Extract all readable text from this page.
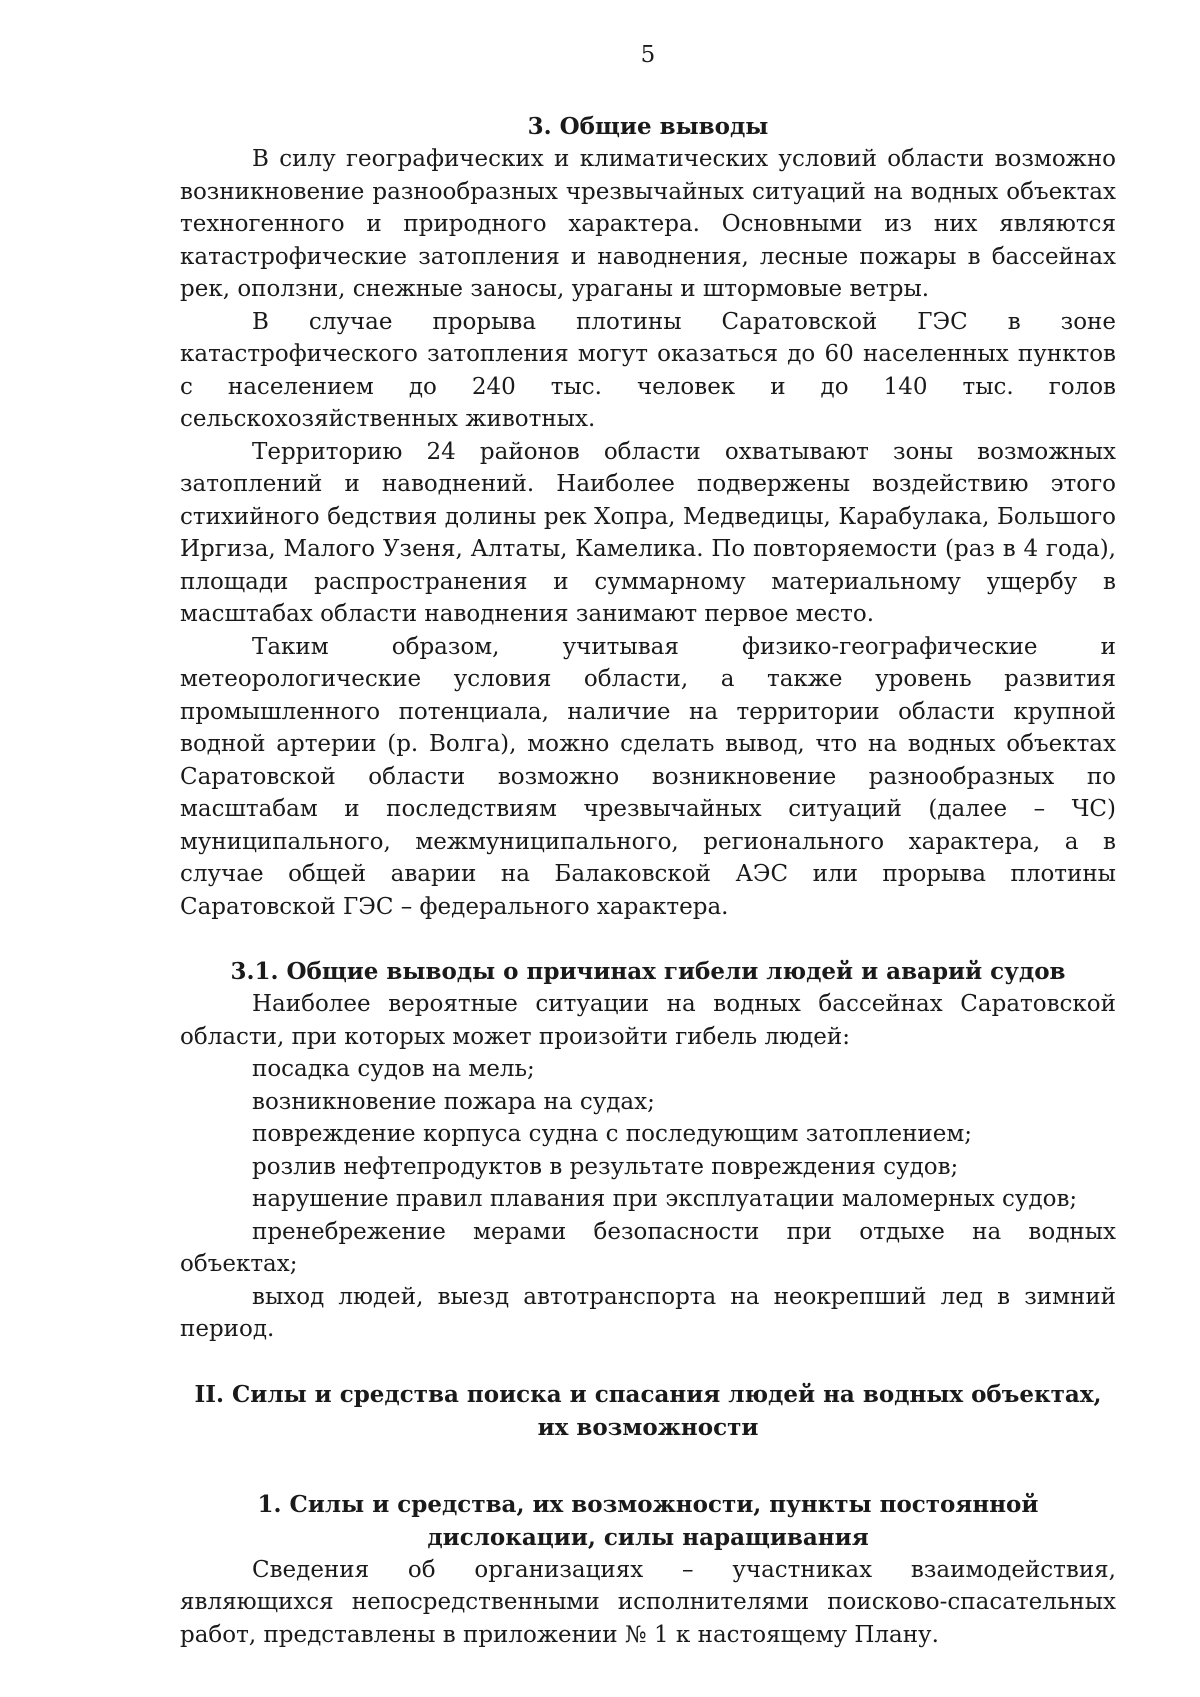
5
3. Общие выводы

В силу географических и климатических условий области возможно возникновение разнообразных чрезвычайных ситуаций на водных объектах техногенного и природного характера. Основными из них являются катастрофические затопления и наводнения, лесные пожары в бассейнах рек, оползни, снежные заносы, ураганы и штормовые ветры.

В случае прорыва плотины Саратовской ГЭС в зоне катастрофического затопления могут оказаться до 60 населенных пунктов с населением до 240 тыс. человек и до 140 тыс. голов сельскохозяйственных животных.

Территорию 24 районов области охватывают зоны возможных затоплений и наводнений. Наиболее подвержены воздействию этого стихийного бедствия долины рек Хопра, Медведицы, Карабулака, Большого Иргиза, Малого Узеня, Алтаты, Камелика. По повторяемости (раз в 4 года), площади распространения и суммарному материальному ущербу в масштабах области наводнения занимают первое место.

Таким образом, учитывая физико-географические и метеорологические условия области, а также уровень развития промышленного потенциала, наличие на территории области крупной водной артерии (р. Волга), можно сделать вывод, что на водных объектах Саратовской области возможно возникновение разнообразных по масштабам и последствиям чрезвычайных ситуаций (далее – ЧС) муниципального, межмуниципального, регионального характера, а в случае общей аварии на Балаковской АЭС или прорыва плотины Саратовской ГЭС – федерального характера.

3.1. Общие выводы о причинах гибели людей и аварий судов

Наиболее вероятные ситуации на водных бассейнах Саратовской области, при которых может произойти гибель людей:

посадка судов на мель;
возникновение пожара на судах;
повреждение корпуса судна с последующим затоплением;
розлив нефтепродуктов в результате повреждения судов;
нарушение правил плавания при эксплуатации маломерных судов;
пренебрежение мерами безопасности при отдыхе на водных объектах;
выход людей, выезд автотранспорта на неокрепший лед в зимний период.
II. Силы и средства поиска и спасания людей на водных объектах,
их возможности
1. Силы и средства, их возможности, пункты постоянной
дислокации, силы наращивания

Сведения об организациях – участниках взаимодействия, являющихся непосредственными исполнителями поисково-спасательных работ, представлены в приложении № 1 к настоящему Плану.
